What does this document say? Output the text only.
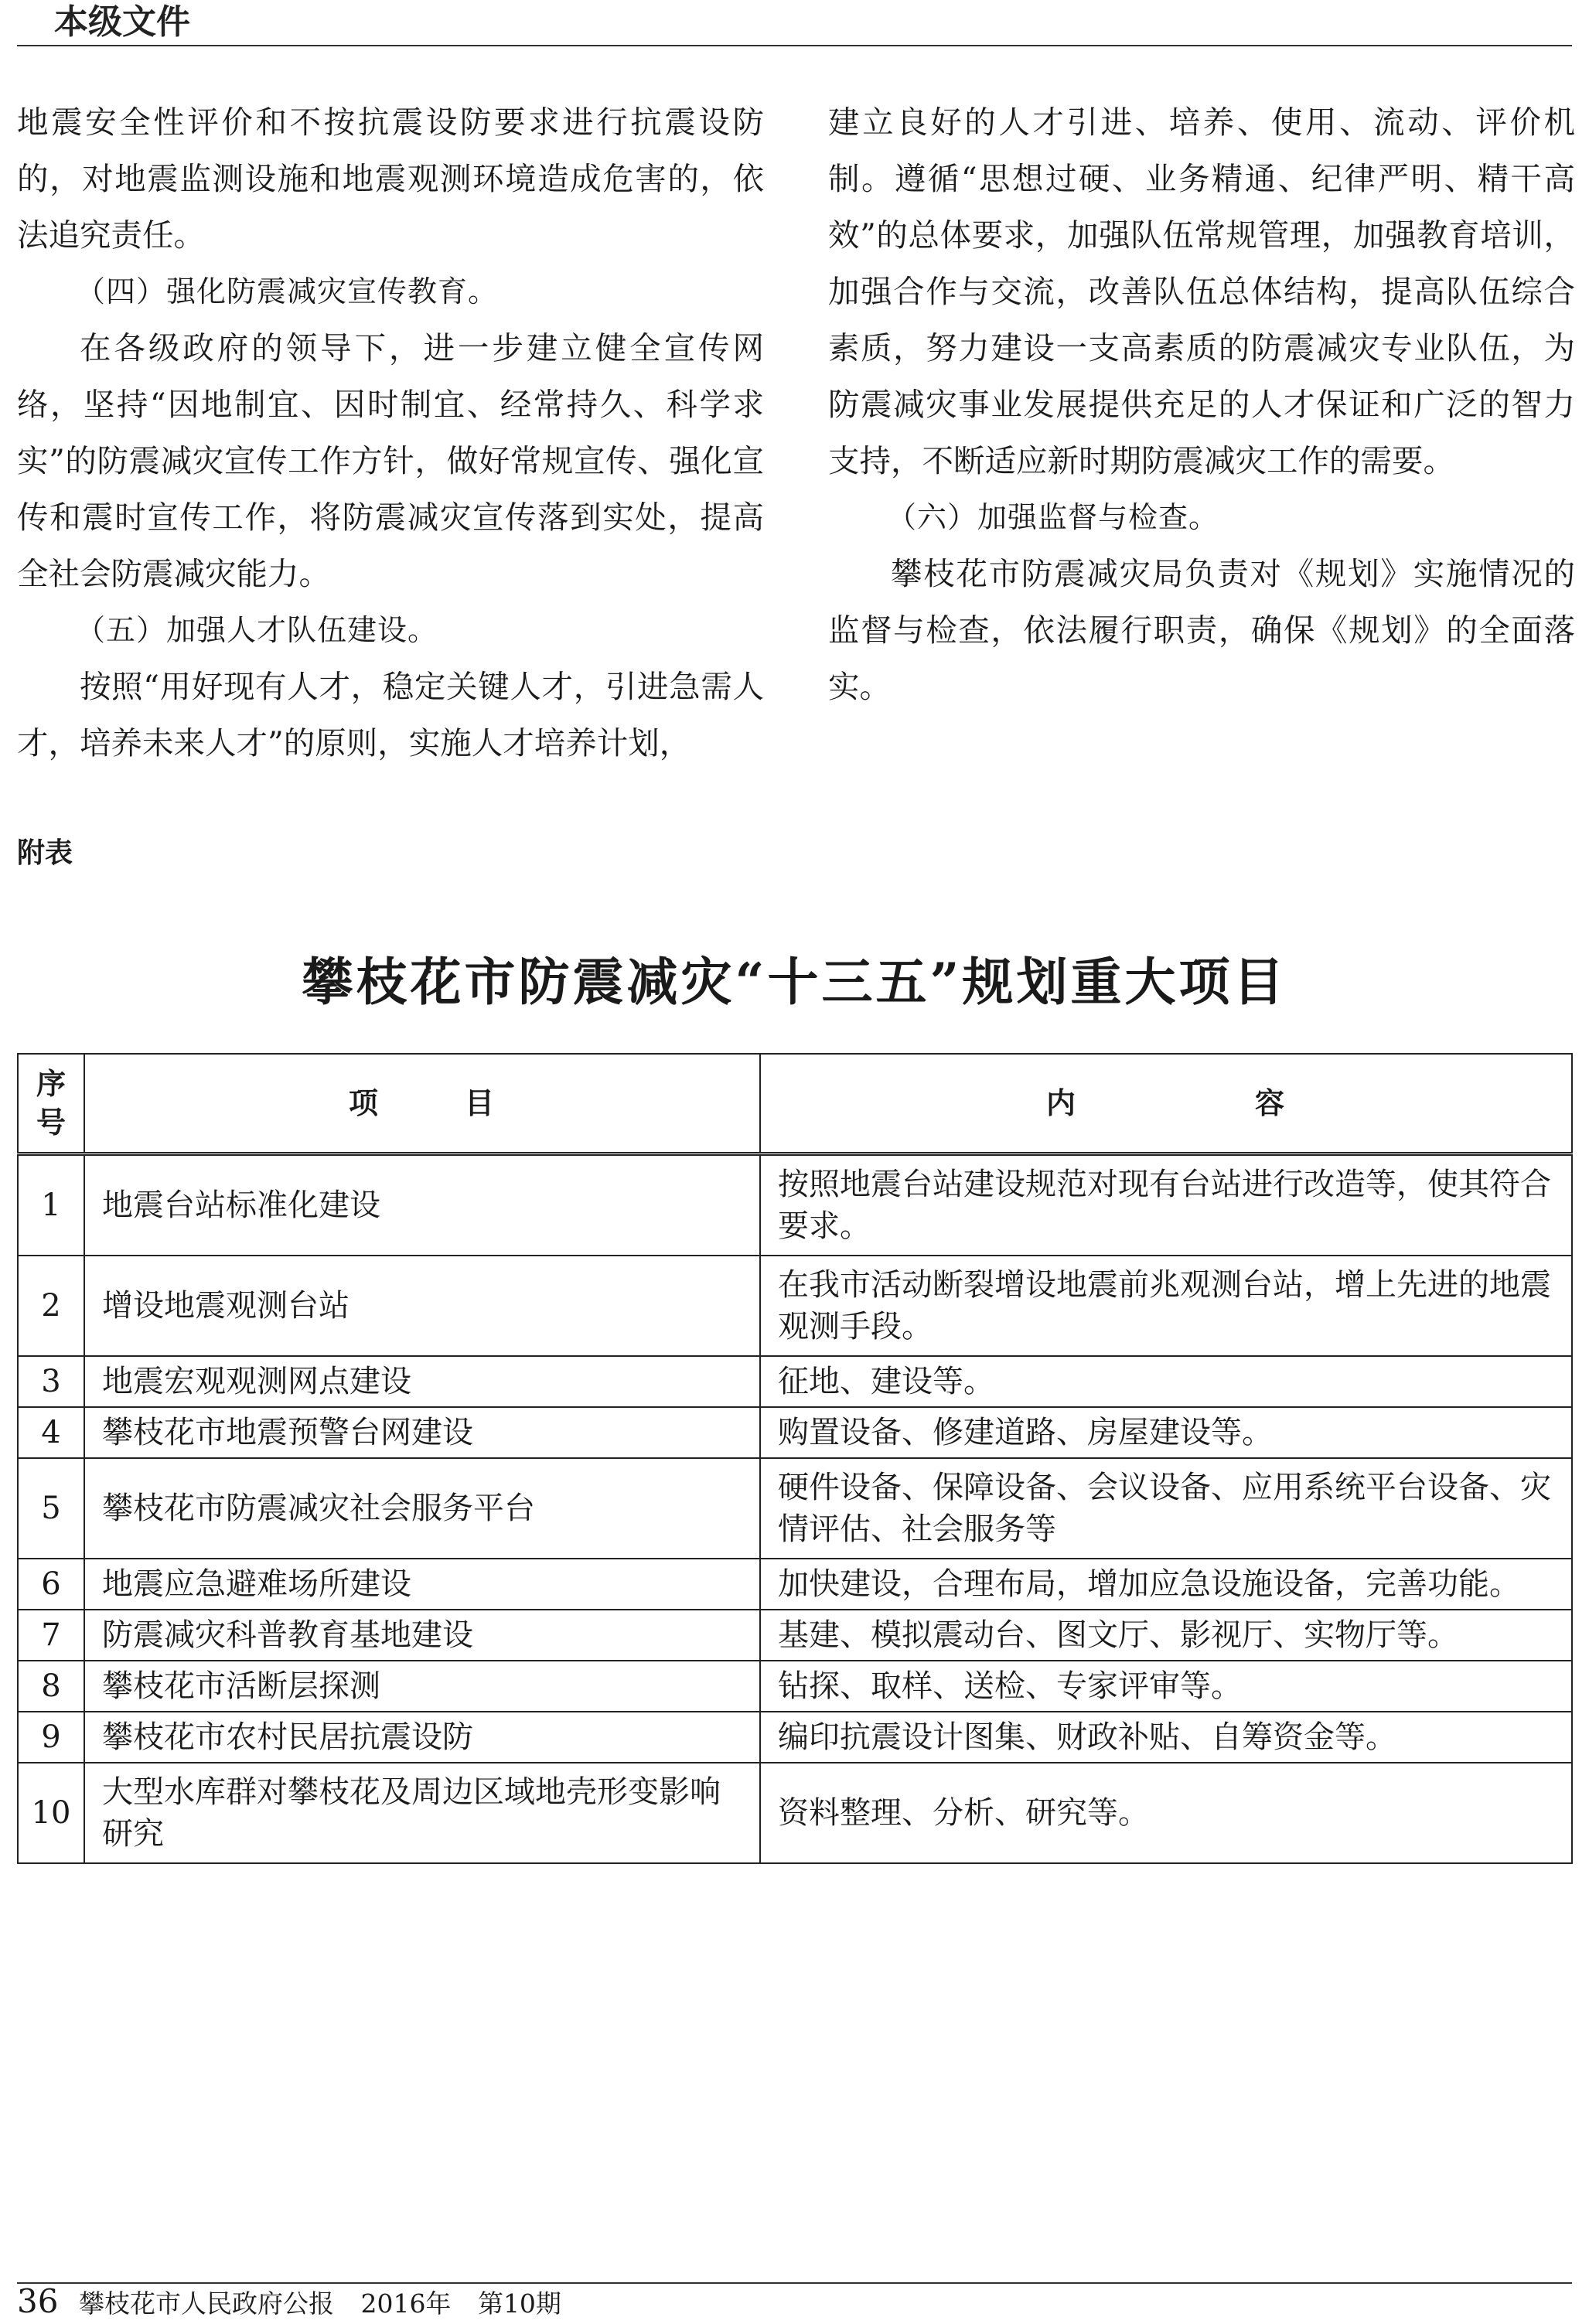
本级文件

地震安全性评价和不按抗震设防要求进行抗震设防的，对地震监测设施和地震观测环境造成危害的，依法追究责任。

（四）强化防震减灾宣传教育。

在各级政府的领导下，进一步建立健全宣传网络，坚持“因地制宜、因时制宜、经常持久、科学求实”的防震减灾宣传工作方针，做好常规宣传、强化宣传和震时宣传工作，将防震减灾宣传落到实处，提高全社会防震减灾能力。

（五）加强人才队伍建设。

按照“用好现有人才，稳定关键人才，引进急需人才，培养未来人才”的原则，实施人才培养计划，

建立良好的人才引进、培养、使用、流动、评价机制。遵循“思想过硬、业务精通、纪律严明、精干高效”的总体要求，加强队伍常规管理，加强教育培训，加强合作与交流，改善队伍总体结构，提高队伍综合素质，努力建设一支高素质的防震减灾专业队伍，为防震减灾事业发展提供充足的人才保证和广泛的智力支持，不断适应新时期防震减灾工作的需要。

（六）加强监督与检查。

攀枝花市防震减灾局负责对《规划》实施情况的监督与检查，依法履行职责，确保《规划》的全面落实。

附表
攀枝花市防震减灾“十三五”规划重大项目
序
号	项 目	内 容
1	地震台站标准化建设	按照地震台站建设规范对现有台站进行改造等，使其符合要求。
2	增设地震观测台站	在我市活动断裂增设地震前兆观测台站，增上先进的地震观测手段。
3	地震宏观观测网点建设	征地、建设等。
4	攀枝花市地震预警台网建设	购置设备、修建道路、房屋建设等。
5	攀枝花市防震减灾社会服务平台	硬件设备、保障设备、会议设备、应用系统平台设备、灾情评估、社会服务等
6	地震应急避难场所建设	加快建设，合理布局，增加应急设施设备，完善功能。
7	防震减灾科普教育基地建设	基建、模拟震动台、图文厅、影视厅、实物厅等。
8	攀枝花市活断层探测	钻探、取样、送检、专家评审等。
9	攀枝花市农村民居抗震设防	编印抗震设计图集、财政补贴、自筹资金等。
10	大型水库群对攀枝花及周边区域地壳形变影响研究	资料整理、分析、研究等。
36 攀枝花市人民政府公报 2016年 第10期
